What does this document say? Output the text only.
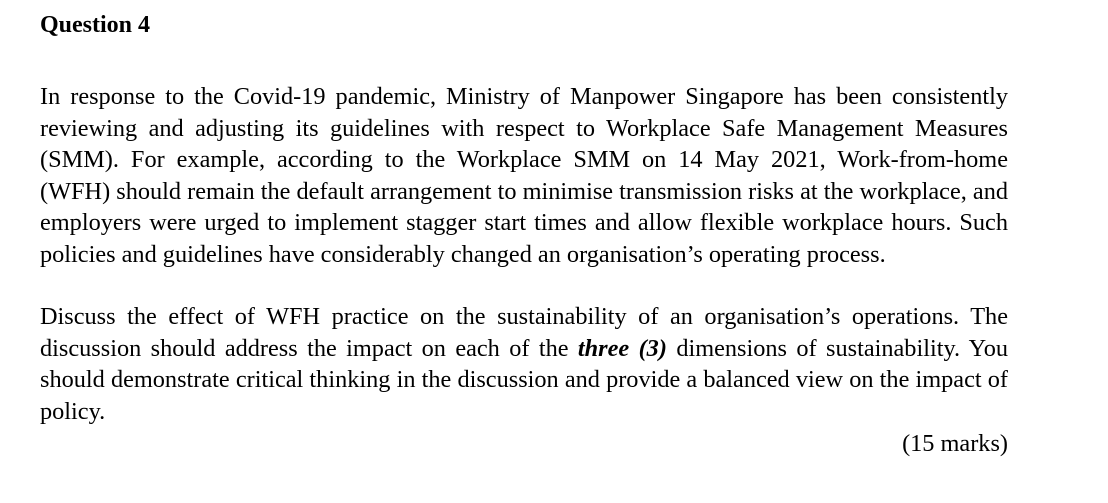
Question 4

In response to the Covid-19 pandemic, Ministry of Manpower Singapore has been consistently reviewing and adjusting its guidelines with respect to Workplace Safe Management Measures (SMM). For example, according to the Workplace SMM on 14 May 2021, Work-from-home (WFH) should remain the default arrangement to minimise transmission risks at the workplace, and employers were urged to implement stagger start times and allow flexible workplace hours. Such policies and guidelines have considerably changed an organisation’s operating process.

Discuss the effect of WFH practice on the sustainability of an organisation’s operations. The discussion should address the impact on each of the three (3) dimensions of sustainability. You should demonstrate critical thinking in the discussion and provide a balanced view on the impact of policy.

(15 marks)
